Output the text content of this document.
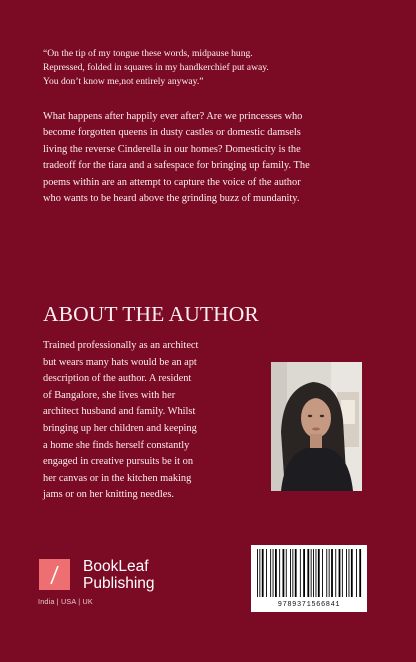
“On the tip of my tongue these words, midpause hung.
Repressed, folded in squares in my handkerchief put away.
You don’t know me,not entirely anyway.”
What happens after happily ever after? Are we princesses who
become forgotten queens in dusty castles or domestic damsels
living the reverse Cinderella in our homes? Domesticity is the
tradeoff for the tiara and a safespace for bringing up family. The
poems within are an attempt to capture the voice of the author
who wants to be heard above the grinding buzz of mundanity.
ABOUT THE AUTHOR
Trained professionally as an architect
but wears many hats would be an apt
description of the author. A resident
of Bangalore, she lives with her
architect husband and family. Whilst
bringing up her children and keeping
a home she finds herself constantly
engaged in creative pursuits be it on
her canvas or in the kitchen making
jams or on her knitting needles.
BookLeaf
Publishing
India | USA | UK	9789371566841
